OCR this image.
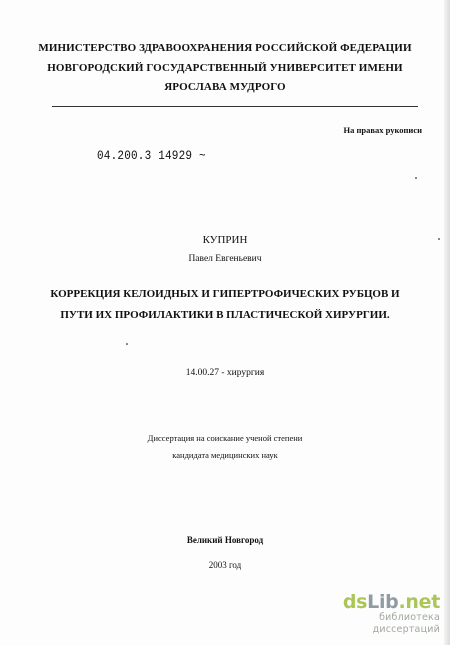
МИНИСТЕРСТВО ЗДРАВООХРАНЕНИЯ РОССИЙСКОЙ ФЕДЕРАЦИИ
НОВГОРОДСКИЙ ГОСУДАРСТВЕННЫЙ УНИВЕРСИТЕТ ИМЕНИ
ЯРОСЛАВА МУДРОГО
На правах рукописи
04.200.3 14929 ~
КУПРИН
Павел Евгеньевич
КОРРЕКЦИЯ КЕЛОИДНЫХ И ГИПЕРТРОФИЧЕСКИХ РУБЦОВ И
ПУТИ ИХ ПРОФИЛАКТИКИ В ПЛАСТИЧЕСКОЙ ХИРУРГИИ.
14.00.27 - хирургия
Диссертация на соискание ученой степени
кандидата медицинских наук
Великий Новгород
2003 год
dsLib.net
библиотека диссертаций
